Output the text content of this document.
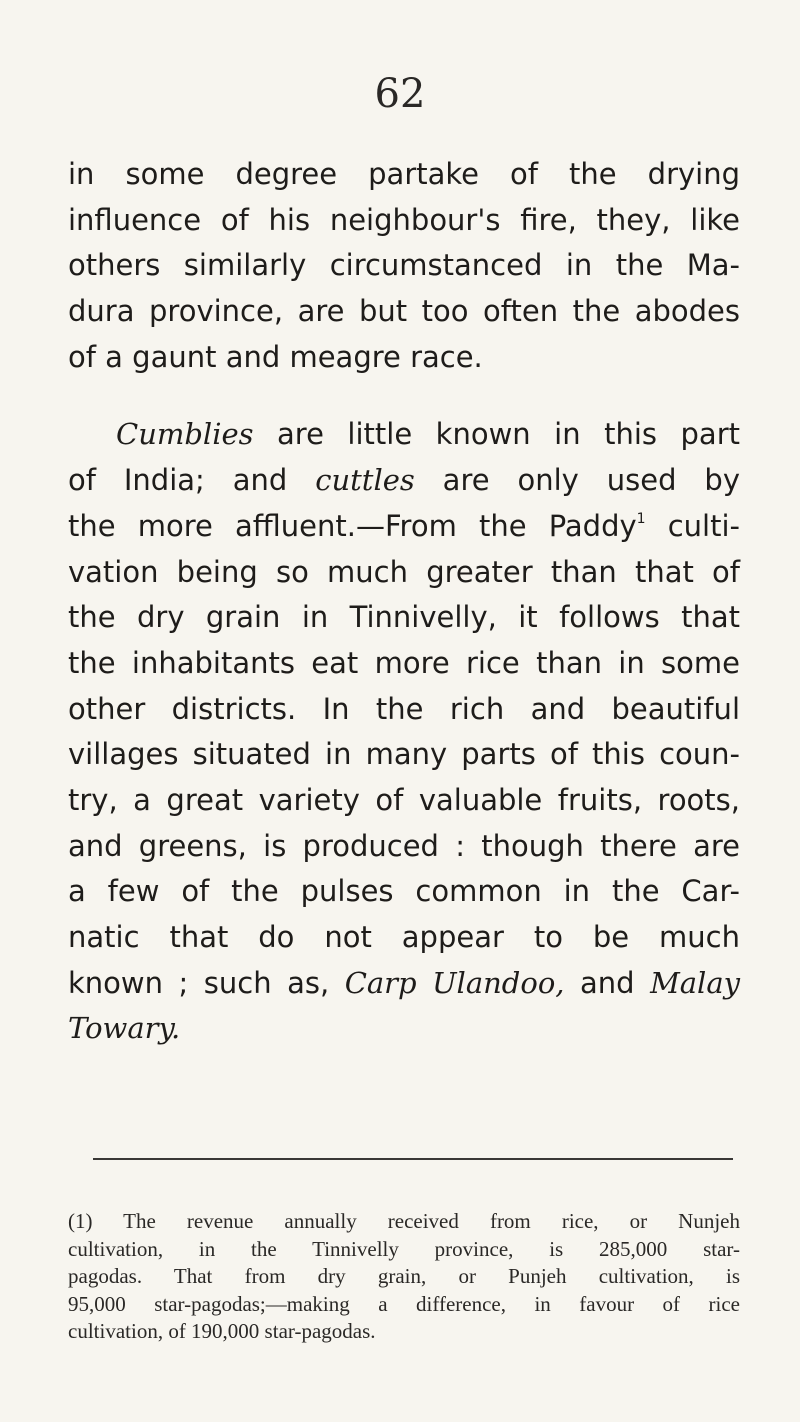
62

in some degree partake of the drying
influence of his neighbour's fire, they, like
others similarly circumstanced in the Ma-
dura province, are but too often the abodes
of a gaunt and meagre race.

Cumblies are little known in this part
of India; and cuttles are only used by
the more affluent.—From the Paddy$^1$ culti-
vation being so much greater than that of
the dry grain in Tinnivelly, it follows that
the inhabitants eat more rice than in some
other districts. In the rich and beautiful
villages situated in many parts of this coun-
try, a great variety of valuable fruits, roots,
and greens, is produced : though there are
a few of the pulses common in the Car-
natic that do not appear to be much
known ; such as, Carp Ulandoo, and Malay
Towary.

(1) The revenue annually received from rice, or Nunjeh
cultivation, in the Tinnivelly province, is 285,000 star-
pagodas. That from dry grain, or Punjeh cultivation, is
95,000 star-pagodas;—making a difference, in favour of rice
cultivation, of 190,000 star-pagodas.
